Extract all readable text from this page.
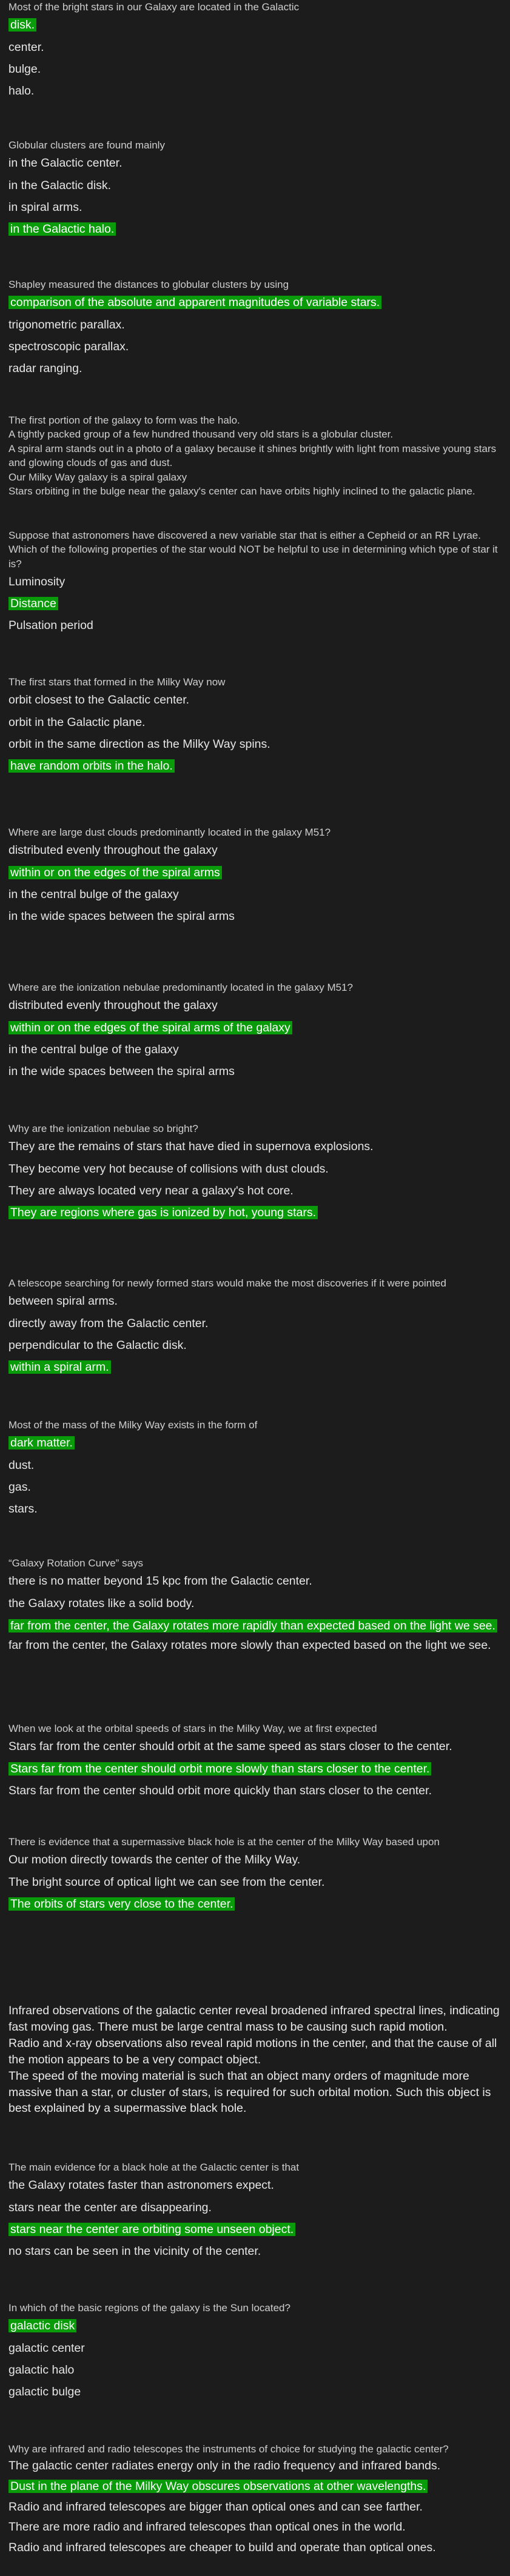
Most of the bright stars in our Galaxy are located in the Galactic

disk.

center.

bulge.

halo.

Globular clusters are found mainly

in the Galactic center.

in the Galactic disk.

in spiral arms.

in the Galactic halo.

Shapley measured the distances to globular clusters by using

comparison of the absolute and apparent magnitudes of variable stars.

trigonometric parallax.

spectroscopic parallax.

radar ranging.

The first portion of the galaxy to form was the halo.

A tightly packed group of a few hundred thousand very old stars is a globular cluster.

A spiral arm stands out in a photo of a galaxy because it shines brightly with light from massive young stars and glowing clouds of gas and dust.

Our Milky Way galaxy is a spiral galaxy

Stars orbiting in the bulge near the galaxy's center can have orbits highly inclined to the galactic plane.

Suppose that astronomers have discovered a new variable star that is either a Cepheid or an RR Lyrae. Which of the following properties of the star would NOT be helpful to use in determining which type of star it is?

Luminosity

Distance

Pulsation period

The first stars that formed in the Milky Way now

orbit closest to the Galactic center.

orbit in the Galactic plane.

orbit in the same direction as the Milky Way spins.

have random orbits in the halo.

Where are large dust clouds predominantly located in the galaxy M51?

distributed evenly throughout the galaxy

within or on the edges of the spiral arms

in the central bulge of the galaxy

in the wide spaces between the spiral arms

Where are the ionization nebulae predominantly located in the galaxy M51?

distributed evenly throughout the galaxy

within or on the edges of the spiral arms of the galaxy

in the central bulge of the galaxy

in the wide spaces between the spiral arms

Why are the ionization nebulae so bright?

They are the remains of stars that have died in supernova explosions.

They become very hot because of collisions with dust clouds.

They are always located very near a galaxy's hot core.

They are regions where gas is ionized by hot, young stars.

A telescope searching for newly formed stars would make the most discoveries if it were pointed

between spiral arms.

directly away from the Galactic center.

perpendicular to the Galactic disk.

within a spiral arm.

Most of the mass of the Milky Way exists in the form of

dark matter.

dust.

gas.

stars.

“Galaxy Rotation Curve” says

there is no matter beyond 15 kpc from the Galactic center.

the Galaxy rotates like a solid body.

far from the center, the Galaxy rotates more rapidly than expected based on the light we see.

far from the center, the Galaxy rotates more slowly than expected based on the light we see.

When we look at the orbital speeds of stars in the Milky Way, we at first expected

Stars far from the center should orbit at the same speed as stars closer to the center.

Stars far from the center should orbit more slowly than stars closer to the center.

Stars far from the center should orbit more quickly than stars closer to the center.

There is evidence that a supermassive black hole is at the center of the Milky Way based upon

Our motion directly towards the center of the Milky Way.

The bright source of optical light we can see from the center.

The orbits of stars very close to the center.

Infrared observations of the galactic center reveal broadened infrared spectral lines, indicating fast moving gas. There must be large central mass to be causing such rapid motion.

Radio and x-ray observations also reveal rapid motions in the center, and that the cause of all the motion appears to be a very compact object.

The speed of the moving material is such that an object many orders of magnitude more massive than a star, or cluster of stars, is required for such orbital motion. Such this object is best explained by a supermassive black hole.

The main evidence for a black hole at the Galactic center is that

the Galaxy rotates faster than astronomers expect.

stars near the center are disappearing.

stars near the center are orbiting some unseen object.

no stars can be seen in the vicinity of the center.

In which of the basic regions of the galaxy is the Sun located?

galactic disk

galactic center

galactic halo

galactic bulge

Why are infrared and radio telescopes the instruments of choice for studying the galactic center?

The galactic center radiates energy only in the radio frequency and infrared bands.

Dust in the plane of the Milky Way obscures observations at other wavelengths.

Radio and infrared telescopes are bigger than optical ones and can see farther.

There are more radio and infrared telescopes than optical ones in the world.

Radio and infrared telescopes are cheaper to build and operate than optical ones.
